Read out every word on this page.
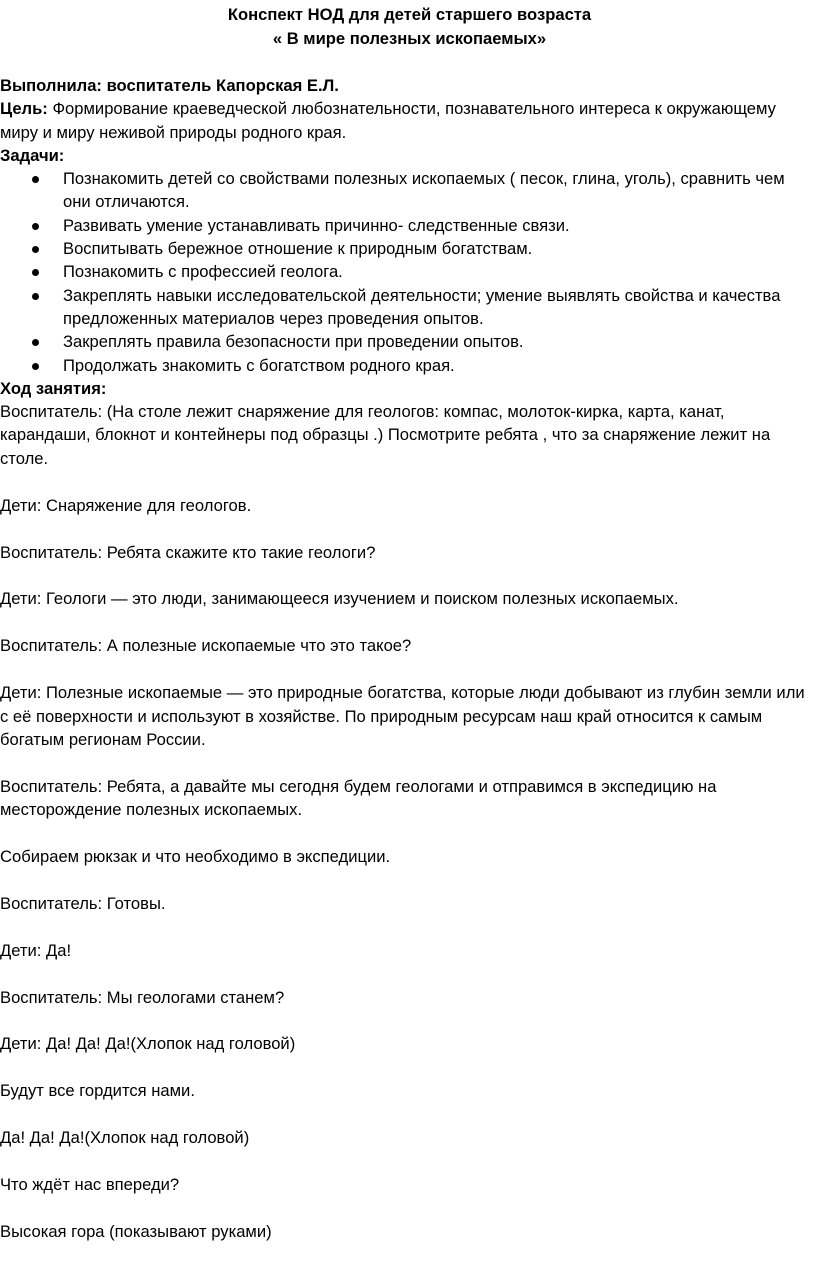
Конспект НОД для детей старшего возраста

« В мире полезных ископаемых»

Выполнила: воспитатель Капорская Е.Л.

Цель: Формирование краеведческой любознательности, познавательного интереса к окружающему миру и миру неживой природы родного края.

Задачи:

Познакомить детей со свойствами полезных ископаемых ( песок, глина, уголь), сравнить чем они отличаются.
Развивать умение устанавливать причинно- следственные связи.
Воспитывать бережное отношение к природным богатствам.
Познакомить с профессией геолога.
Закреплять навыки исследовательской деятельности; умение выявлять свойства и качества предложенных материалов через проведения опытов.
Закреплять правила безопасности при проведении опытов.
Продолжать знакомить с богатством родного края.

Ход занятия:

Воспитатель: (На столе лежит снаряжение для геологов: компас, молоток-кирка, карта, канат, карандаши, блокнот и контейнеры под образцы .) Посмотрите ребята , что за снаряжение лежит на столе.

Дети: Снаряжение для геологов.

Воспитатель: Ребята скажите кто такие геологи?

Дети: Геологи — это люди, занимающееся изучением и поиском полезных ископаемых.

Воспитатель: А полезные ископаемые что это такое?

Дети: Полезные ископаемые — это природные богатства, которые люди добывают из глубин земли или с её поверхности и используют в хозяйстве. По природным ресурсам наш край относится к самым богатым регионам России.

Воспитатель: Ребята, а давайте мы сегодня будем геологами и отправимся в экспедицию на месторождение полезных ископаемых.

Собираем рюкзак и что необходимо в экспедиции.

Воспитатель: Готовы.

Дети: Да!

Воспитатель: Мы геологами станем?

Дети: Да! Да! Да!(Хлопок над головой)

Будут все гордится нами.

Да! Да! Да!(Хлопок над головой)

Что ждёт нас впереди?

Высокая гора (показывают руками)
